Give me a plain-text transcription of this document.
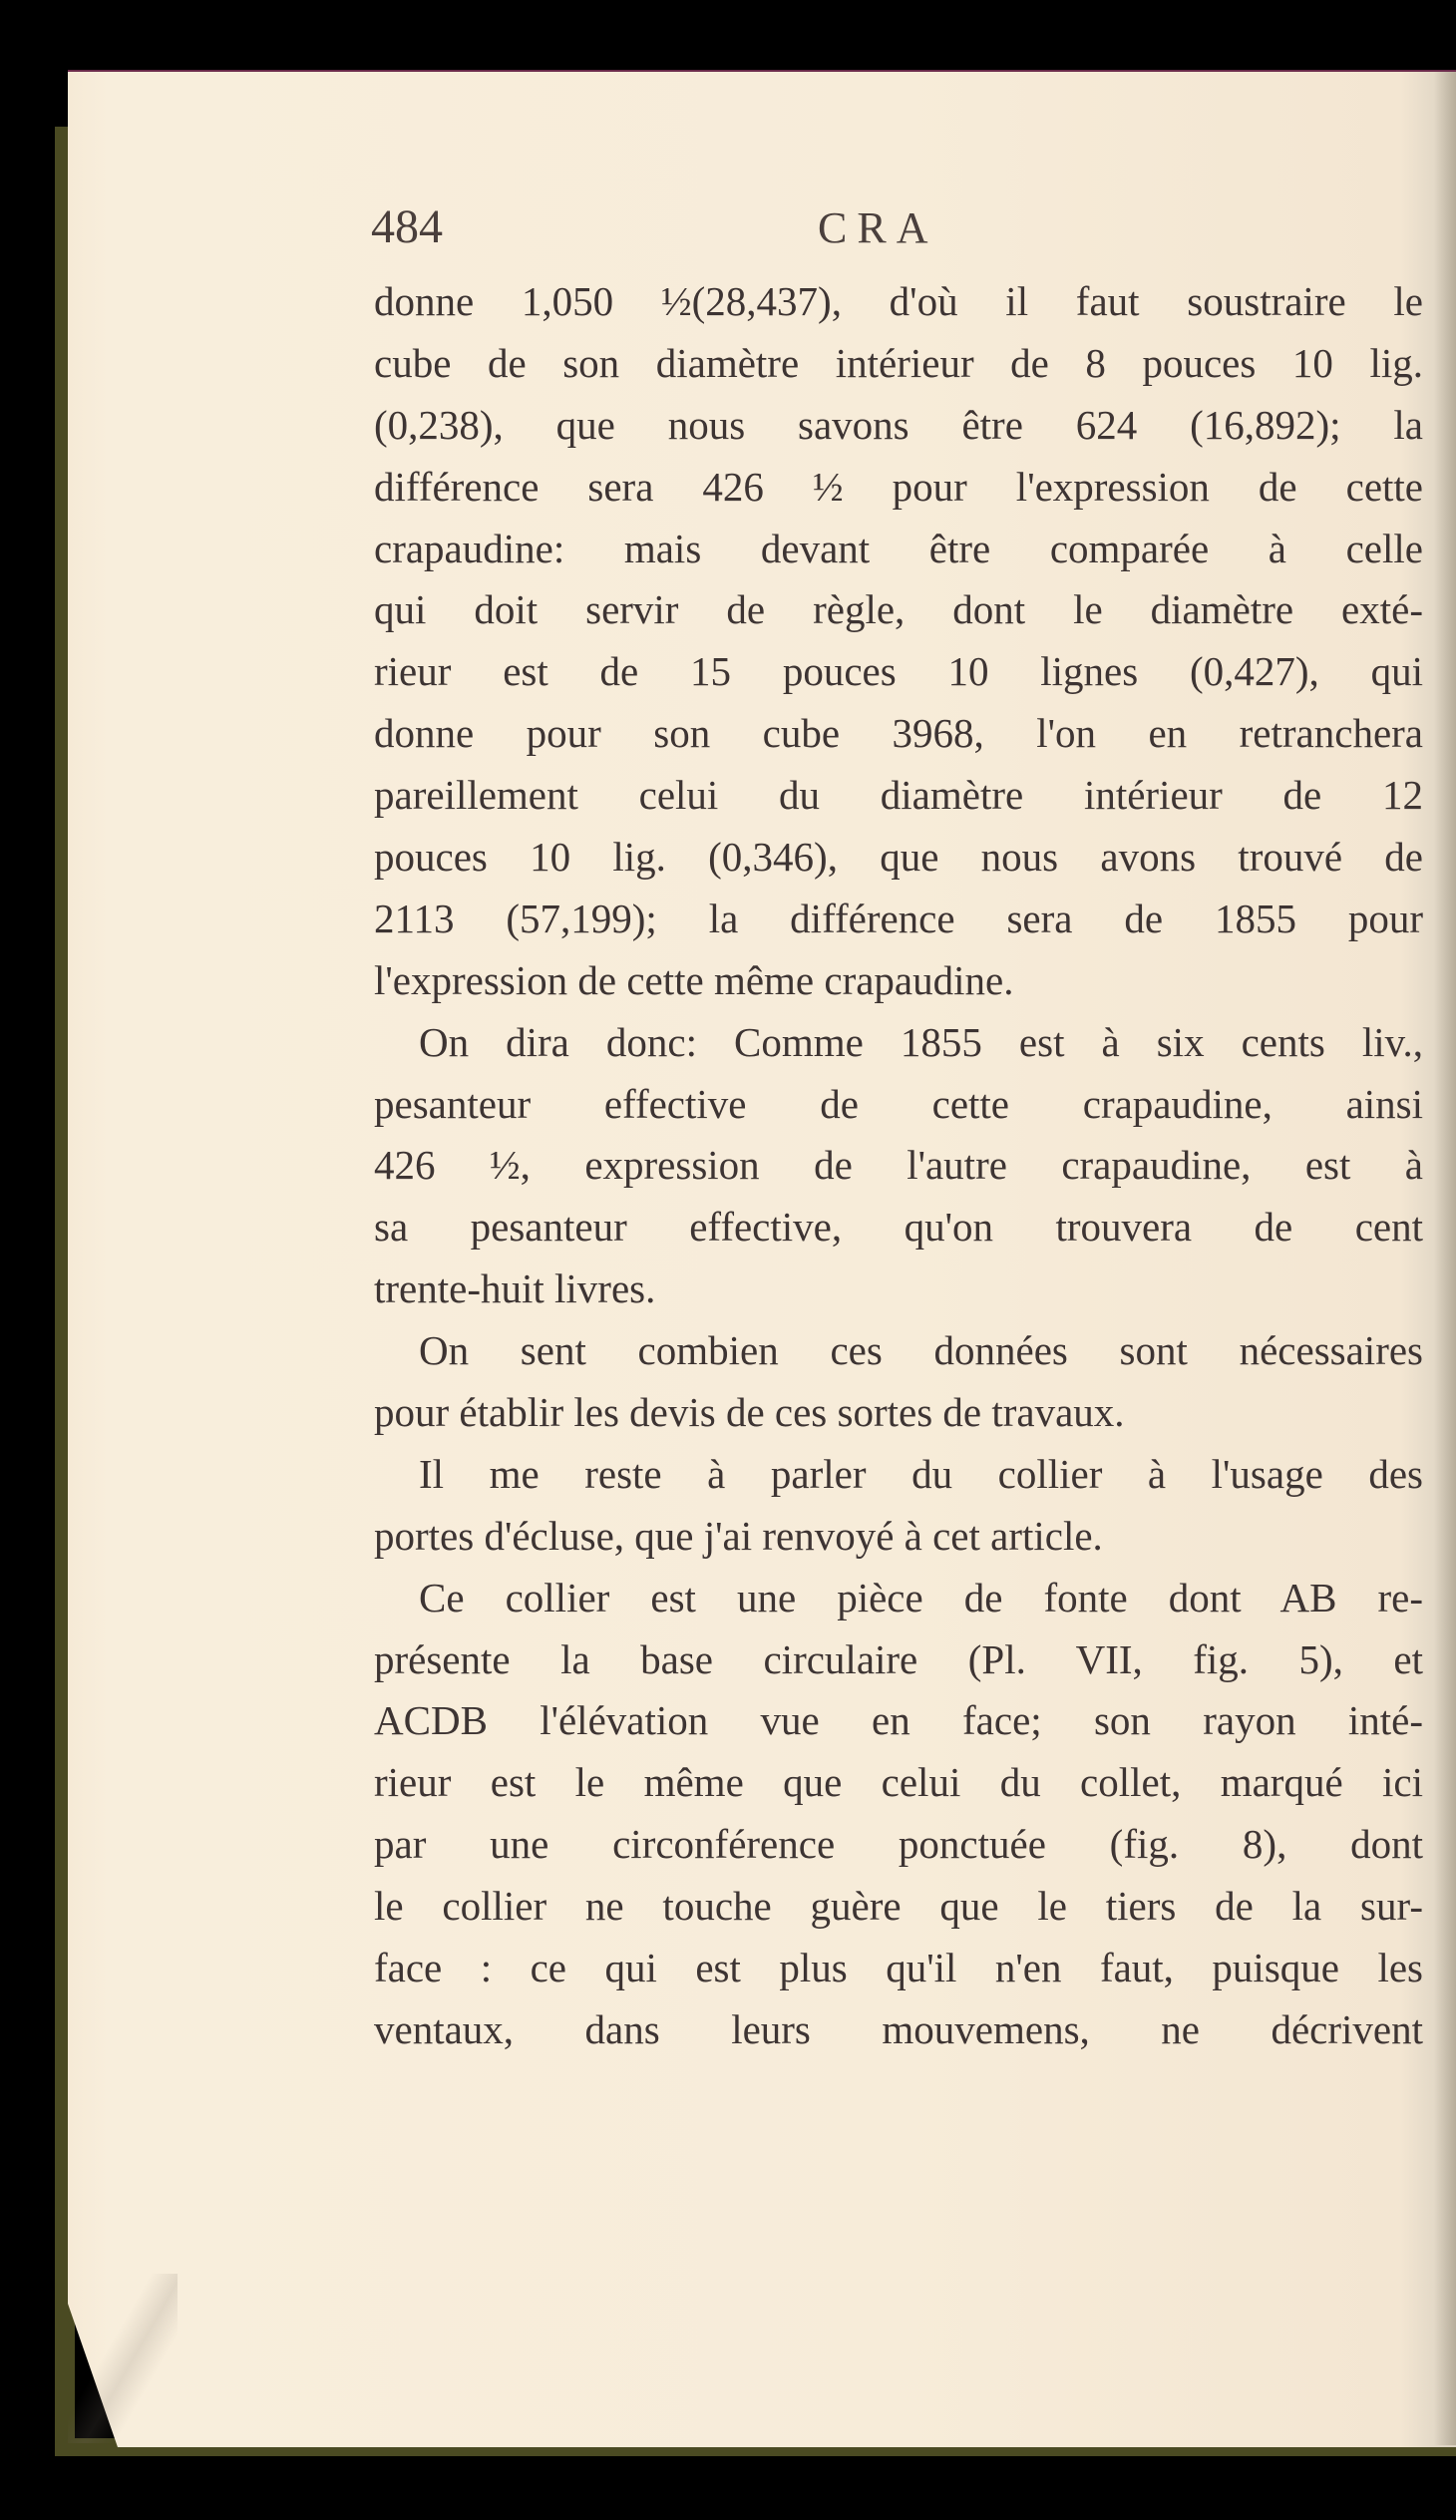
484	CRA
donne 1,050 ½(28,437), d'où il faut soustraire le
cube de son diamètre intérieur de 8 pouces 10 lig.
(0,238), que nous savons être 624 (16,892); la
différence sera 426 ½ pour l'expression de cette
crapaudine: mais devant être comparée à celle
qui doit servir de règle, dont le diamètre exté-
rieur est de 15 pouces 10 lignes (0,427), qui
donne pour son cube 3968, l'on en retranchera
pareillement celui du diamètre intérieur de 12
pouces 10 lig. (0,346), que nous avons trouvé de
2113 (57,199); la différence sera de 1855 pour
l'expression de cette même crapaudine.
On dira donc: Comme 1855 est à six cents liv.,
pesanteur effective de cette crapaudine, ainsi
426 ½, expression de l'autre crapaudine, est à
sa pesanteur effective, qu'on trouvera de cent
trente-huit livres.
On sent combien ces données sont nécessaires
pour établir les devis de ces sortes de travaux.
Il me reste à parler du collier à l'usage des
portes d'écluse, que j'ai renvoyé à cet article.
Ce collier est une pièce de fonte dont AB re-
présente la base circulaire (Pl. VII, fig. 5), et
ACDB l'élévation vue en face; son rayon inté-
rieur est le même que celui du collet, marqué ici
par une circonférence ponctuée (fig. 8), dont
le collier ne touche guère que le tiers de la sur-
face : ce qui est plus qu'il n'en faut, puisque les
ventaux, dans leurs mouvemens, ne décrivent
